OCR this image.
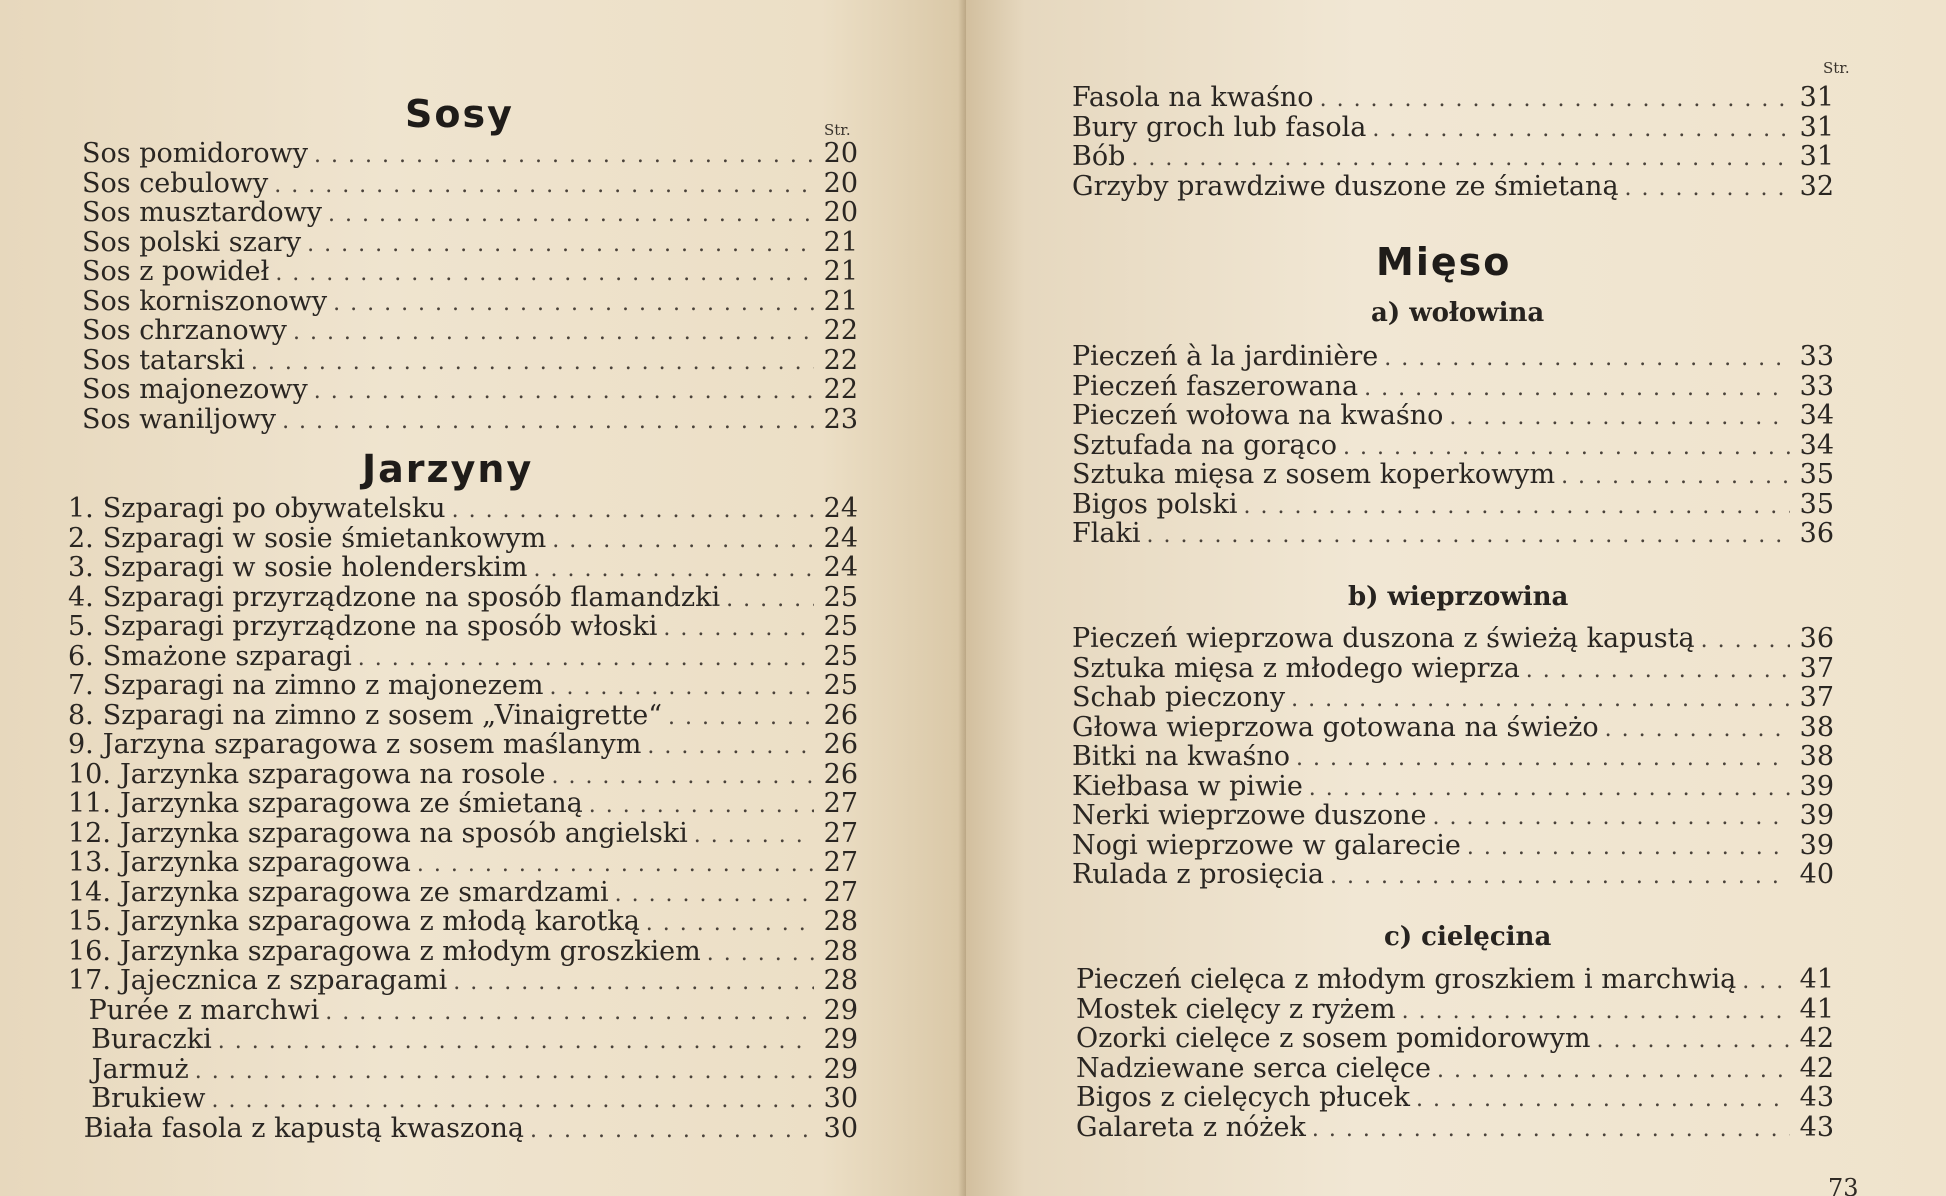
Sosy	Str.
Sos pomidorowy .....	20
Sos cebulowy .....	20
Sos musztardowy .....	20
Sos polski szary .....	21
Sos z powideł .....	21
Sos korniszonowy .....	21
Sos chrzanowy .....	22
Sos tatarski .....	22
Sos majonezowy .....	22
Sos waniljowy .....	23
Jarzyny
1. Szparagi po obywatelsku .....	24
2. Szparagi w sosie śmietankowym .....	24
3. Szparagi w sosie holenderskim .....	24
4. Szparagi przyrządzone na sposób flamandzki .....	25
5. Szparagi przyrządzone na sposób włoski .....	25
6. Smażone szparagi .....	25
7. Szparagi na zimno z majonezem .....	25
8. Szparagi na zimno z sosem „Vinaigrette“ .....	26
9. Jarzyna szparagowa z sosem maślanym .....	26
10. Jarzynka szparagowa na rosole .....	26
11. Jarzynka szparagowa ze śmietaną .....	27
12. Jarzynka szparagowa na sposób angielski .....	27
13. Jarzynka szparagowa .....	27
14. Jarzynka szparagowa ze smardzami .....	27
15. Jarzynka szparagowa z młodą karotką .....	28
16. Jarzynka szparagowa z młodym groszkiem .....	28
17. Jajecznica z szparagami .....	28
Purée z marchwi .....	29
Buraczki .....	29
Jarmuż .....	29
Brukiew .....	30
Biała fasola z kapustą kwaszoną .....	30
Str.
Fasola na kwaśno .....	31
Bury groch lub fasola .....	31
Bób .....	31
Grzyby prawdziwe duszone ze śmietaną .....	32
Mięso
a) wołowina
Pieczeń à la jardinière .....	33
Pieczeń faszerowana .....	33
Pieczeń wołowa na kwaśno .....	34
Sztufada na gorąco .....	34
Sztuka mięsa z sosem koperkowym .....	35
Bigos polski .....	35
Flaki .....	36
b) wieprzowina
Pieczeń wieprzowa duszona z świeżą kapustą .....	36
Sztuka mięsa z młodego wieprza .....	37
Schab pieczony .....	37
Głowa wieprzowa gotowana na świeżo .....	38
Bitki na kwaśno .....	38
Kiełbasa w piwie .....	39
Nerki wieprzowe duszone .....	39
Nogi wieprzowe w galarecie .....	39
Rulada z prosięcia .....	40
c) cielęcina
Pieczeń cielęca z młodym groszkiem i marchwią ..... 41
Mostek cielęcy z ryżem .....	41
Ozorki cielęce z sosem pomidorowym .....	42
Nadziewane serca cielęce .....	42
Bigos z cielęcych płucek .....	43
Galareta z nóżek .....	43
73
